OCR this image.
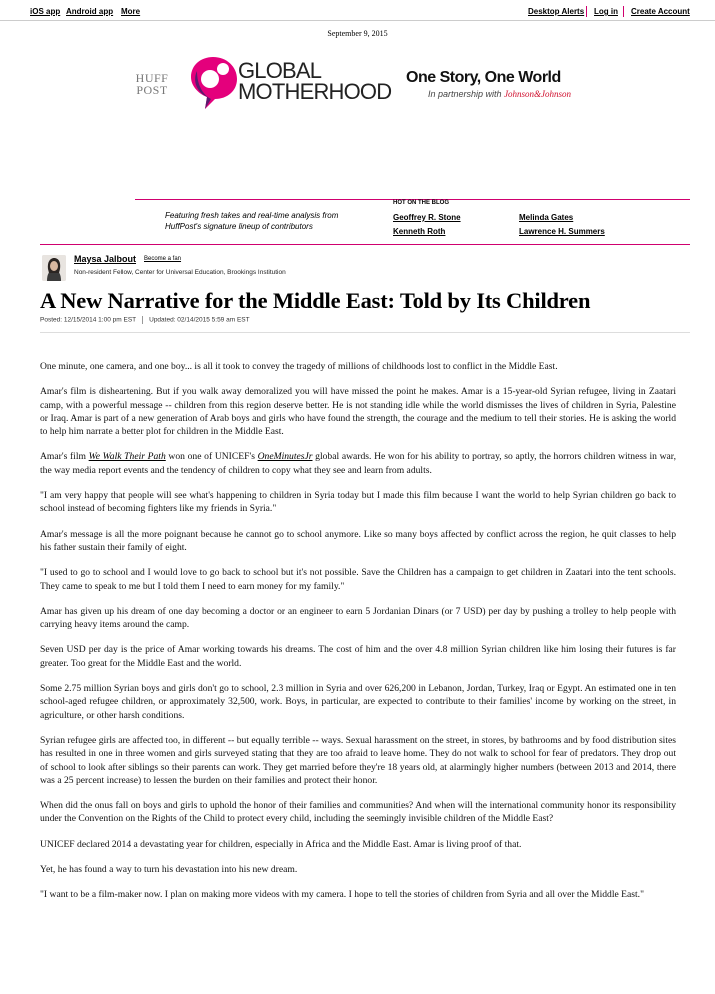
iOS app Android app More	Desktop Alerts Log in Create Account
September 9, 2015
HUFF
POST
GLOBAL
MOTHERHOOD
One Story, One World
In partnership with Johnson&Johnson
HOT ON THE BLOG
Featuring fresh takes and real-time analysis from HuffPost's signature lineup of contributors
Geoffrey R. Stone	Melinda Gates
Kenneth Roth	Lawrence H. Summers
Maysa Jalbout Become a fan
Non-resident Fellow, Center for Universal Education, Brookings Institution
A New Narrative for the Middle East: Told by Its Children
Posted: 12/15/2014 1:00 pm EST Updated: 02/14/2015 5:59 am EST

One minute, one camera, and one boy... is all it took to convey the tragedy of millions of childhoods lost to conflict in the Middle East.

Amar's film is disheartening. But if you walk away demoralized you will have missed the point he makes. Amar is a 15-year-old Syrian refugee, living in Zaatari camp, with a powerful message -- children from this region deserve better. He is not standing idle while the world dismisses the lives of children in Syria, Palestine or Iraq. Amar is part of a new generation of Arab boys and girls who have found the strength, the courage and the medium to tell their stories. He is asking the world to help him narrate a better plot for children in the Middle East.

Amar's film We Walk Their Path won one of UNICEF's OneMinutesJr global awards. He won for his ability to portray, so aptly, the horrors children witness in war, the way media report events and the tendency of children to copy what they see and learn from adults.

"I am very happy that people will see what's happening to children in Syria today but I made this film because I want the world to help Syrian children go back to school instead of becoming fighters like my friends in Syria."

Amar's message is all the more poignant because he cannot go to school anymore. Like so many boys affected by conflict across the region, he quit classes to help his father sustain their family of eight.

"I used to go to school and I would love to go back to school but it's not possible. Save the Children has a campaign to get children in Zaatari into the tent schools. They came to speak to me but I told them I need to earn money for my family."

Amar has given up his dream of one day becoming a doctor or an engineer to earn 5 Jordanian Dinars (or 7 USD) per day by pushing a trolley to help people with carrying heavy items around the camp.

Seven USD per day is the price of Amar working towards his dreams. The cost of him and the over 4.8 million Syrian children like him losing their futures is far greater. Too great for the Middle East and the world.

Some 2.75 million Syrian boys and girls don't go to school, 2.3 million in Syria and over 626,200 in Lebanon, Jordan, Turkey, Iraq or Egypt. An estimated one in ten school-aged refugee children, or approximately 32,500, work. Boys, in particular, are expected to contribute to their families' income by working on the street, in agriculture, or other harsh conditions.

Syrian refugee girls are affected too, in different -- but equally terrible -- ways. Sexual harassment on the street, in stores, by bathrooms and by food distribution sites has resulted in one in three women and girls surveyed stating that they are too afraid to leave home. They do not walk to school for fear of predators. They drop out of school to look after siblings so their parents can work. They get married before they're 18 years old, at alarmingly higher numbers (between 2013 and 2014, there was a 25 percent increase) to lessen the burden on their families and protect their honor.

When did the onus fall on boys and girls to uphold the honor of their families and communities? And when will the international community honor its responsibility under the Convention on the Rights of the Child to protect every child, including the seemingly invisible children of the Middle East?

UNICEF declared 2014 a devastating year for children, especially in Africa and the Middle East. Amar is living proof of that.

Yet, he has found a way to turn his devastation into his new dream.

"I want to be a film-maker now. I plan on making more videos with my camera. I hope to tell the stories of children from Syria and all over the Middle East."
